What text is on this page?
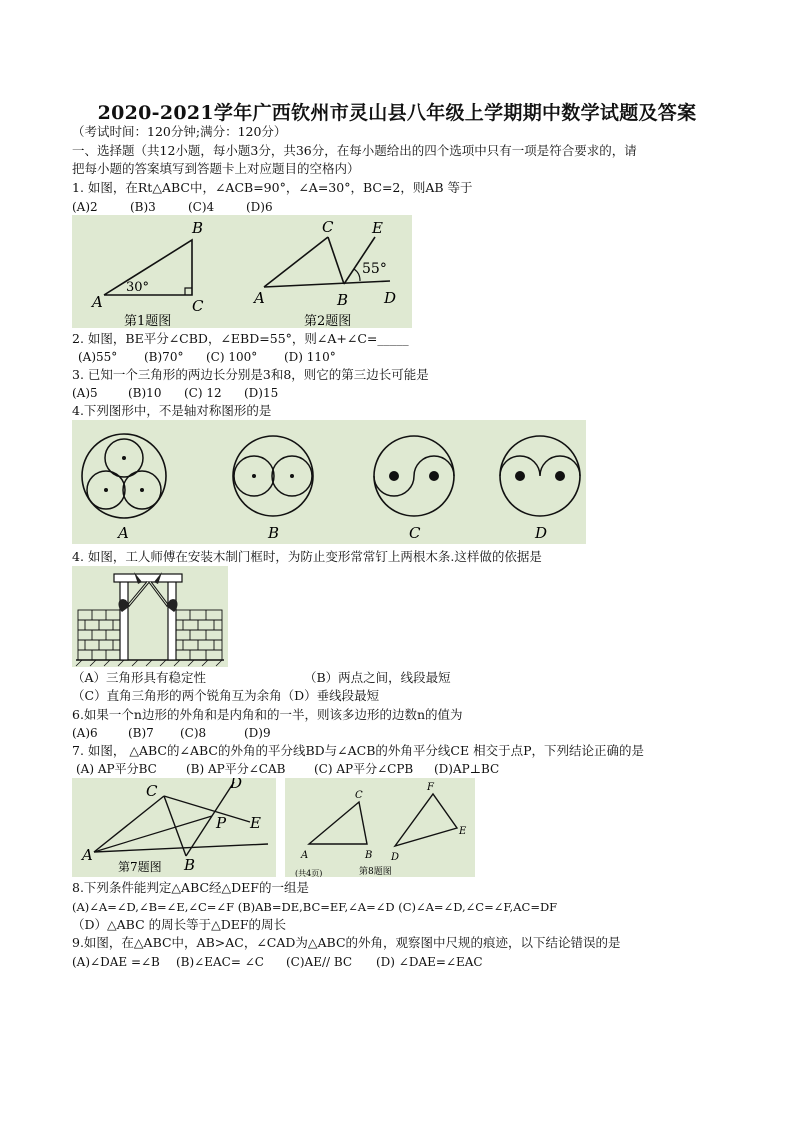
2020-2021学年广西钦州市灵山县八年级上学期期中数学试题及答案
（考试时间：120分钟;满分：120分）
一、选择题（共12小题，每小题3分，共36分，在每小题给出的四个选项中只有一项是符合要求的，请
把每小题的答案填写到答题卡上对应题目的空格内）
1. 如图，在Rt△ABC中，∠ACB=90°，∠A=30°，BC=2，则AB 等于
(A)2	(B)3	(C)4	(D)6
A
B
C
30°
第1题图
A	B
C
D
E
55°
第2题图
2. 如图，BE平分∠CBD，∠EBD=55°，则∠A+∠C=_____
(A)55° (B)70° (C) 100° (D) 110°
3. 已知一个三角形的两边长分别是3和8，则它的第三边长可能是
(A)5	(B)10 (C) 12 (D)15
4.下列图形中，不是轴对称图形的是
A	B	C	D
4. 如图，工人师傅在安装木制门框时，为防止变形常常钉上两根木条.这样做的依据是
（A）三角形具有稳定性	（B）两点之间，线段最短
（C）直角三角形的两个锐角互为余角（D）垂线段最短
6.如果一个n边形的外角和是内角和的一半，则该多边形的边数n的值为
(A)6	(B)7 (C)8	(D)9
7. 如图， △ABC的∠ABC的外角的平分线BD与∠ACB的外角平分线CE 相交于点P，下列结论正确的是
(A) AP平分BC (B) AP平分∠CAB (C) AP平分∠CPB (D)AP⊥BC
A
B
C	D
E
P
第7题图
A	B
C
D
E
F
第8题图
(共4页)
8.下列条件能判定△ABC经△DEF的一组是
(A)∠A=∠D,∠B=∠E,∠C=∠F (B)AB=DE,BC=EF,∠A=∠D (C)∠A=∠D,∠C=∠F,AC=DF
（D）△ABC 的周长等于△DEF的周长
9.如图，在△ABC中，AB>AC，∠CAD为△ABC的外角，观察图中尺规的痕迹，以下结论错误的是
(A)∠DAE =∠B (B)∠EAC= ∠C (C)AE// BC (D) ∠DAE=∠EAC
